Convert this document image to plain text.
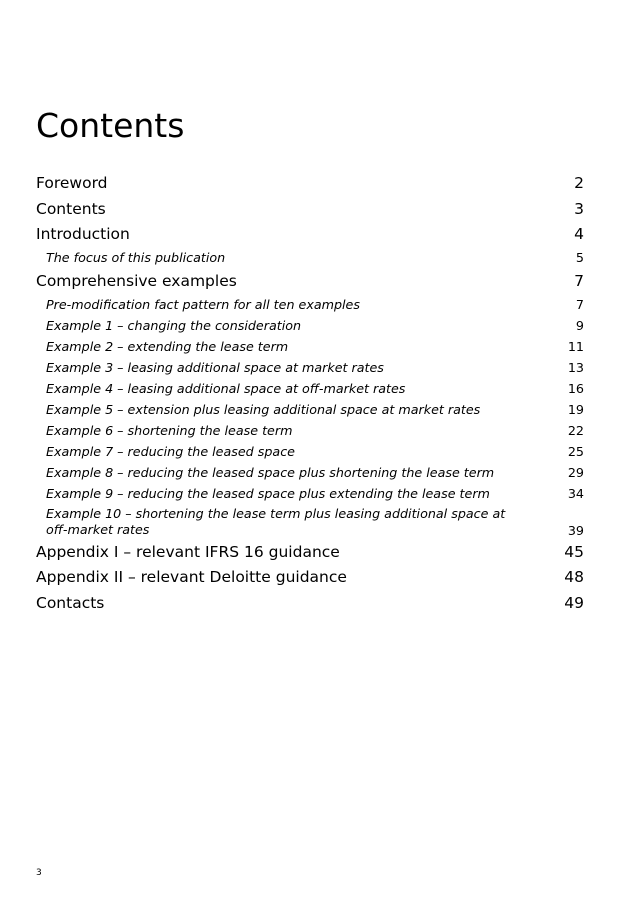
Contents
Foreword	2
Contents	3
Introduction	4
The focus of this publication	5
Comprehensive examples	7
Pre-modification fact pattern for all ten examples	7
Example 1 – changing the consideration	9
Example 2 – extending the lease term	11
Example 3 – leasing additional space at market rates	13
Example 4 – leasing additional space at off-market rates	16
Example 5 – extension plus leasing additional space at market rates	19
Example 6 – shortening the lease term	22
Example 7 – reducing the leased space	25
Example 8 – reducing the leased space plus shortening the lease term	29
Example 9 – reducing the leased space plus extending the lease term	34
Example 10 – shortening the lease term plus leasing additional space at off-market rates	39
Appendix I – relevant IFRS 16 guidance	45
Appendix II – relevant Deloitte guidance	48
Contacts	49
3
